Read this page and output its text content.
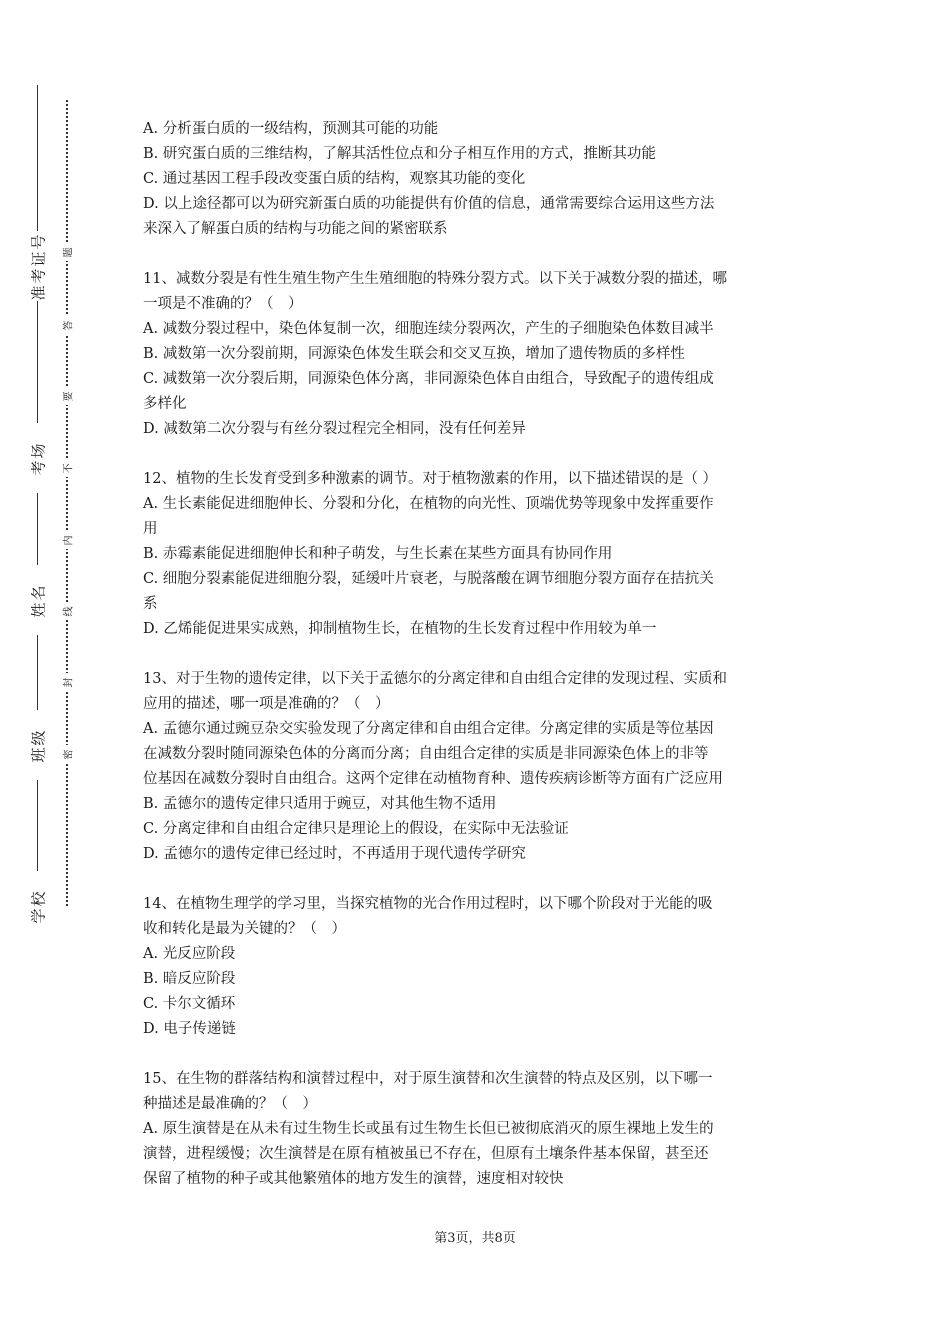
准考证号
考场
姓名
班级
学校
题
答
要
不
内
线
封
密
A. 分析蛋白质的一级结构，预测其可能的功能
B. 研究蛋白质的三维结构，了解其活性位点和分子相互作用的方式，推断其功能
C. 通过基因工程手段改变蛋白质的结构，观察其功能的变化
D. 以上途径都可以为研究新蛋白质的功能提供有价值的信息，通常需要综合运用这些方法
来深入了解蛋白质的结构与功能之间的紧密联系
11、减数分裂是有性生殖生物产生生殖细胞的特殊分裂方式。以下关于减数分裂的描述，哪
一项是不准确的？（　）
A. 减数分裂过程中，染色体复制一次，细胞连续分裂两次，产生的子细胞染色体数目减半
B. 减数第一次分裂前期，同源染色体发生联会和交叉互换，增加了遗传物质的多样性
C. 减数第一次分裂后期，同源染色体分离，非同源染色体自由组合，导致配子的遗传组成
多样化
D. 减数第二次分裂与有丝分裂过程完全相同，没有任何差异
12、植物的生长发育受到多种激素的调节。对于植物激素的作用，以下描述错误的是（ ）
A. 生长素能促进细胞伸长、分裂和分化，在植物的向光性、顶端优势等现象中发挥重要作
用
B. 赤霉素能促进细胞伸长和种子萌发，与生长素在某些方面具有协同作用
C. 细胞分裂素能促进细胞分裂，延缓叶片衰老，与脱落酸在调节细胞分裂方面存在拮抗关
系
D. 乙烯能促进果实成熟，抑制植物生长，在植物的生长发育过程中作用较为单一
13、对于生物的遗传定律，以下关于孟德尔的分离定律和自由组合定律的发现过程、实质和
应用的描述，哪一项是准确的？（　）
A. 孟德尔通过豌豆杂交实验发现了分离定律和自由组合定律。分离定律的实质是等位基因
在减数分裂时随同源染色体的分离而分离；自由组合定律的实质是非同源染色体上的非等
位基因在减数分裂时自由组合。这两个定律在动植物育种、遗传疾病诊断等方面有广泛应用
B. 孟德尔的遗传定律只适用于豌豆，对其他生物不适用
C. 分离定律和自由组合定律只是理论上的假设，在实际中无法验证
D. 孟德尔的遗传定律已经过时，不再适用于现代遗传学研究
14、在植物生理学的学习里，当探究植物的光合作用过程时，以下哪个阶段对于光能的吸
收和转化是最为关键的？（　）
A. 光反应阶段
B. 暗反应阶段
C. 卡尔文循环
D. 电子传递链
15、在生物的群落结构和演替过程中，对于原生演替和次生演替的特点及区别，以下哪一
种描述是最准确的？（　）
A. 原生演替是在从未有过生物生长或虽有过生物生长但已被彻底消灭的原生裸地上发生的
演替，进程缓慢；次生演替是在原有植被虽已不存在，但原有土壤条件基本保留，甚至还
保留了植物的种子或其他繁殖体的地方发生的演替，速度相对较快
第3页，共8页
